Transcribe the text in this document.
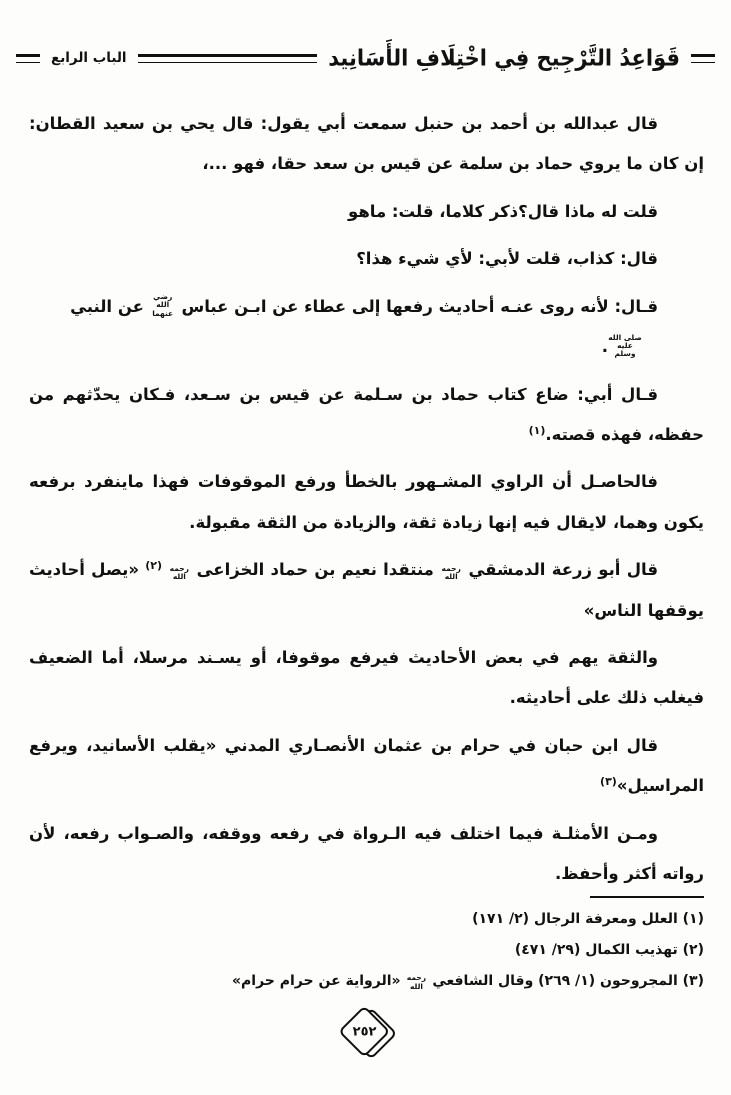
قَوَاعِدُ التَّرْجِيح فِي اخْتِلَافِ الأَسَانِيد
الباب الرابع

قال عبدالله بن أحمد بن حنبل سمعت أبي يقول: قال يحي بن سعيد القطان: إن كان ما يروي حماد بن سلمة عن قيس بن سعد حقا، فهو ...،

قلت له ماذا قال؟ذكر كلاما، قلت: ماهو

قال: كذاب، قلت لأبي: لأي شيء هذا؟

قـال: لأنه روى عنـه أحاديث رفعها إلى عطاء عن ابـن عباس رضي الله عنهما عن النبي
صلى الله عليه وسلم.

قـال أبي: ضاع كتاب حماد بن سـلمة عن قيس بن سـعد، فـكان يحدّثهم من حفظه، فهذه قصته.$^{(١)}$

فالحاصـل أن الراوي المشـهور بالخطأ ورفع الموقوفات فهذا ماينفرد برفعه يكون وهما، لايقال فيه إنها زيادة ثقة، والزيادة من الثقة مقبولة.

قال أبو زرعة الدمشقي رحمه الله منتقدا نعيم بن حماد الخزاعى رحمه الله $^{(٢)}$ «يصل أحاديث يوقفها الناس»

والثقة يهم في بعض الأحاديث فيرفع موقوفا، أو يسـند مرسلا، أما الضعيف فيغلب ذلك على أحاديثه.

قال ابن حبان في حرام بن عثمان الأنصـاري المدني «يقلب الأسانيد، ويرفع المراسيل»$^{(٣)}$

ومـن الأمثلـة فيما اختلف فيه الـرواة في رفعه ووقفه، والصـواب رفعه، لأن رواته أكثر وأحفظ.

(١) العلل ومعرفة الرجال (٢/ ١٧١)

(٢) تهذيب الكمال (٢٩/ ٤٧١)

(٣) المجروحون (١/ ٢٦٩) وقال الشافعي رحمه الله «الرواية عن حرام حرام»

٢٥٢
